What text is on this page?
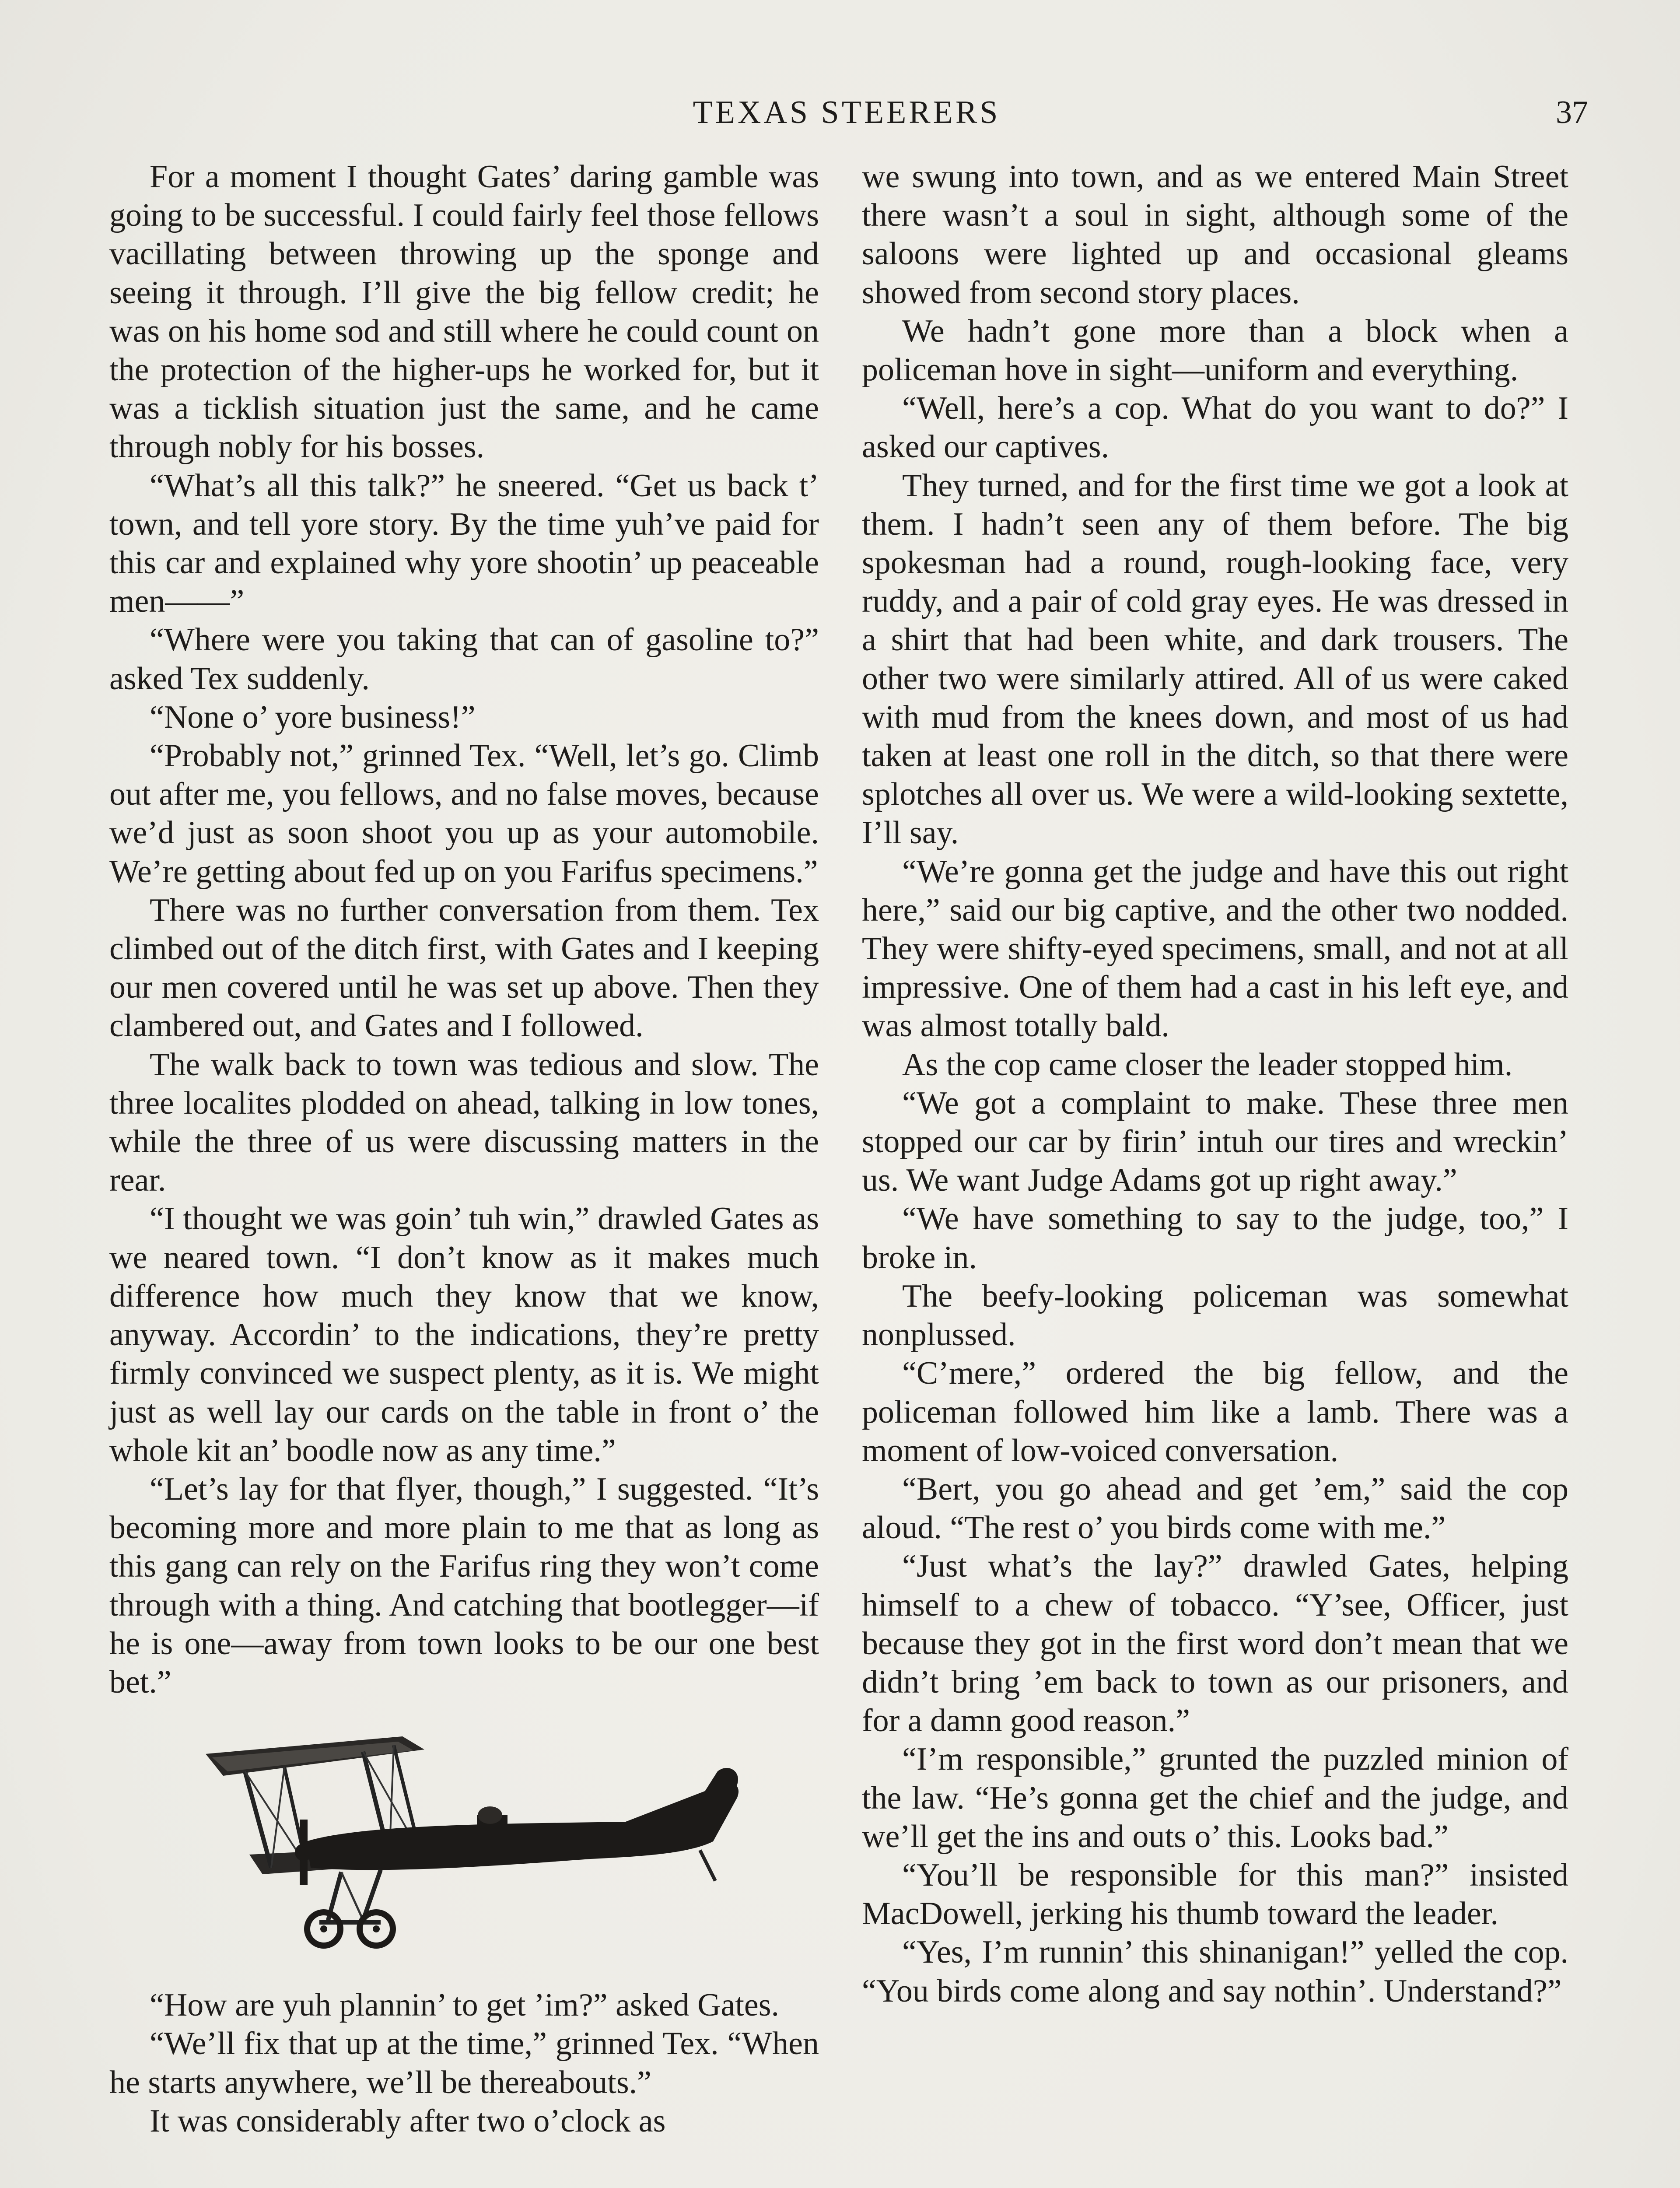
TEXAS STEERERS	37

For a moment I thought Gates’ daring gamble was going to be successful. I could fairly feel those fellows vacillating between throwing up the sponge and seeing it through. I’ll give the big fellow credit; he was on his home sod and still where he could count on the protection of the higher-ups he worked for, but it was a ticklish situation just the same, and he came through nobly for his bosses.

“What’s all this talk?” he sneered. “Get us back t’ town, and tell yore story. By the time yuh’ve paid for this car and explained why yore shootin’ up peaceable men——”

“Where were you taking that can of gasoline to?” asked Tex suddenly.

“None o’ yore business!”

“Probably not,” grinned Tex. “Well, let’s go. Climb out after me, you fellows, and no false moves, because we’d just as soon shoot you up as your automobile. We’re getting about fed up on you Farifus specimens.”

There was no further conversation from them. Tex climbed out of the ditch first, with Gates and I keeping our men covered until he was set up above. Then they clambered out, and Gates and I followed.

The walk back to town was tedious and slow. The three localites plodded on ahead, talking in low tones, while the three of us were discussing matters in the rear.

“I thought we was goin’ tuh win,” drawled Gates as we neared town. “I don’t know as it makes much difference how much they know that we know, anyway. Accordin’ to the indications, they’re pretty firmly convinced we suspect plenty, as it is. We might just as well lay our cards on the table in front o’ the whole kit an’ boodle now as any time.”

“Let’s lay for that flyer, though,” I suggested. “It’s becoming more and more plain to me that as long as this gang can rely on the Farifus ring they won’t come through with a thing. And catching that bootlegger—if he is one—away from town looks to be our one best bet.”

“How are yuh plannin’ to get ’im?” asked Gates.

“We’ll fix that up at the time,” grinned Tex. “When he starts anywhere, we’ll be thereabouts.”

It was considerably after two o’clock as

we swung into town, and as we entered Main Street there wasn’t a soul in sight, although some of the saloons were lighted up and occasional gleams showed from second story places.

We hadn’t gone more than a block when a policeman hove in sight—uniform and everything.

“Well, here’s a cop. What do you want to do?” I asked our captives.

They turned, and for the first time we got a look at them. I hadn’t seen any of them before. The big spokesman had a round, rough-looking face, very ruddy, and a pair of cold gray eyes. He was dressed in a shirt that had been white, and dark trousers. The other two were similarly attired. All of us were caked with mud from the knees down, and most of us had taken at least one roll in the ditch, so that there were splotches all over us. We were a wild-looking sextette, I’ll say.

“We’re gonna get the judge and have this out right here,” said our big captive, and the other two nodded. They were shifty-eyed specimens, small, and not at all impressive. One of them had a cast in his left eye, and was almost totally bald.

As the cop came closer the leader stopped him.

“We got a complaint to make. These three men stopped our car by firin’ intuh our tires and wreckin’ us. We want Judge Adams got up right away.”

“We have something to say to the judge, too,” I broke in.

The beefy-looking policeman was somewhat nonplussed.

“C’mere,” ordered the big fellow, and the policeman followed him like a lamb. There was a moment of low-voiced conversation.

“Bert, you go ahead and get ’em,” said the cop aloud. “The rest o’ you birds come with me.”

“Just what’s the lay?” drawled Gates, helping himself to a chew of tobacco. “Y’see, Officer, just because they got in the first word don’t mean that we didn’t bring ’em back to town as our prisoners, and for a damn good reason.”

“I’m responsible,” grunted the puzzled minion of the law. “He’s gonna get the chief and the judge, and we’ll get the ins and outs o’ this. Looks bad.”

“You’ll be responsible for this man?” insisted MacDowell, jerking his thumb toward the leader.

“Yes, I’m runnin’ this shinanigan!” yelled the cop. “You birds come along and say nothin’. Understand?”
